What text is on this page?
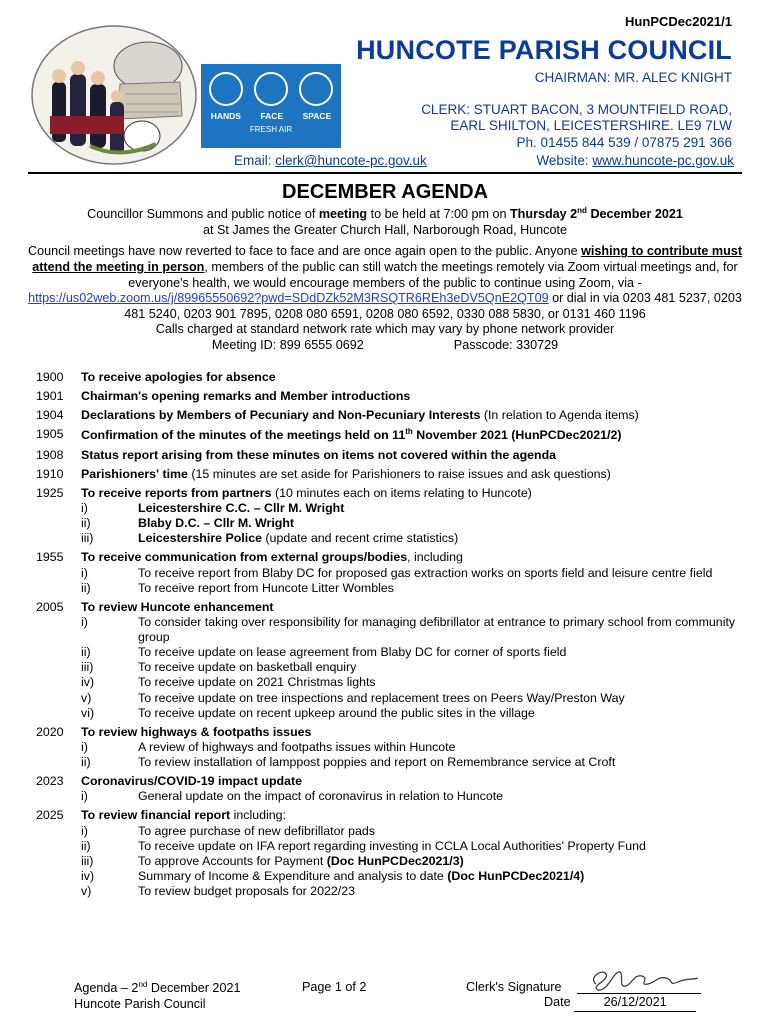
HunPCDec2021/1
HANDS FACE SPACE
FRESH AIR
HUNCOTE PARISH COUNCIL
CHAIRMAN: MR. ALEC KNIGHT
CLERK: STUART BACON, 3 MOUNTFIELD ROAD,
EARL SHILTON, LEICESTERSHIRE. LE9 7LW
Ph. 01455 844 539 / 07875 291 366
Email: clerk@huncote-pc.gov.uk	Website: www.huncote-pc.gov.uk
DECEMBER AGENDA
Councillor Summons and public notice of meeting to be held at 7:00 pm on Thursday 2nd December 2021
at St James the Greater Church Hall, Narborough Road, Huncote
Council meetings have now reverted to face to face and are once again open to the public. Anyone wishing to contribute must attend the meeting in person, members of the public can still watch the meetings remotely via Zoom virtual meetings and, for everyone's health, we would encourage members of the public to continue using Zoom, via - https://us02web.zoom.us/j/89965550692?pwd=SDdDZk52M3RSQTR6REh3eDV5QnE2QT09 or dial in via 0203 481 5237, 0203 481 5240, 0203 901 7895, 0208 080 6591, 0208 080 6592, 0330 088 5830, or 0131 460 1196
Calls charged at standard network rate which may vary by phone network provider
Meeting ID: 899 6555 0692	Passcode: 330729
1900 To receive apologies for absence
1901 Chairman's opening remarks and Member introductions
1904 Declarations by Members of Pecuniary and Non-Pecuniary Interests (In relation to Agenda items)
1905 Confirmation of the minutes of the meetings held on 11th November 2021 (HunPCDec2021/2)
1908 Status report arising from these minutes on items not covered within the agenda
1910 Parishioners' time (15 minutes are set aside for Parishioners to raise issues and ask questions)
1925 To receive reports from partners (10 minutes each on items relating to Huncote)
i)	Leicestershire C.C. – Cllr M. Wright
ii)	Blaby D.C. – Cllr M. Wright
iii)	Leicestershire Police (update and recent crime statistics)
1955 To receive communication from external groups/bodies, including
i)	To receive report from Blaby DC for proposed gas extraction works on sports field and leisure centre field
ii)	To receive report from Huncote Litter Wombles
2005 To review Huncote enhancement
i)	To consider taking over responsibility for managing defibrillator at entrance to primary school from community group
ii)	To receive update on lease agreement from Blaby DC for corner of sports field
iii)	To receive update on basketball enquiry
iv)	To receive update on 2021 Christmas lights
v)	To receive update on tree inspections and replacement trees on Peers Way/Preston Way
vi)	To receive update on recent upkeep around the public sites in the village
2020 To review highways & footpaths issues
i)	A review of highways and footpaths issues within Huncote
ii)	To review installation of lamppost poppies and report on Remembrance service at Croft
2023 Coronavirus/COVID-19 impact update
i)	General update on the impact of coronavirus in relation to Huncote
2025 To review financial report including:
i)	To agree purchase of new defibrillator pads
ii)	To receive update on IFA report regarding investing in CCLA Local Authorities' Property Fund
iii)	To approve Accounts for Payment (Doc HunPCDec2021/3)
iv)	Summary of Income & Expenditure and analysis to date (Doc HunPCDec2021/4)
v)	To review budget proposals for 2022/23
Agenda – 2nd December 2021
Huncote Parish Council
Page 1 of 2	Clerk's Signature
Date	26/12/2021
